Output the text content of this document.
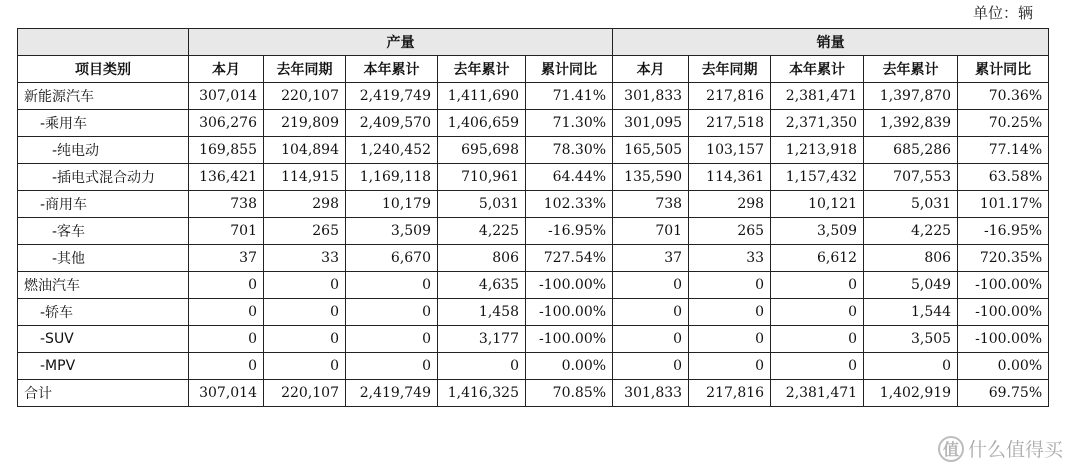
单位：辆
	产量					销量				
项目类别	本月	去年同期	本年累计	去年累计	累计同比	本月	去年同期	本年累计	去年累计	累计同比
新能源汽车	307,014	220,107	2,419,749	1,411,690	71.41%	301,833	217,816	2,381,471	1,397,870	70.36%
-乘用车	306,276	219,809	2,409,570	1,406,659	71.30%	301,095	217,518	2,371,350	1,392,839	70.25%
-纯电动	169,855	104,894	1,240,452	695,698	78.30%	165,505	103,157	1,213,918	685,286	77.14%
-插电式混合动力	136,421	114,915	1,169,118	710,961	64.44%	135,590	114,361	1,157,432	707,553	63.58%
-商用车	738	298	10,179	5,031	102.33%	738	298	10,121	5,031	101.17%
-客车	701	265	3,509	4,225	-16.95%	701	265	3,509	4,225	-16.95%
-其他	37	33	6,670	806	727.54%	37	33	6,612	806	720.35%
燃油汽车	0	0	0	4,635	-100.00%	0	0	0	5,049	-100.00%
-轿车	0	0	0	1,458	-100.00%	0	0	0	1,544	-100.00%
-SUV	0	0	0	3,177	-100.00%	0	0	0	3,505	-100.00%
-MPV	0	0	0	0	0.00%	0	0	0	0	0.00%
合计	307,014	220,107	2,419,749	1,416,325	70.85%	301,833	217,816	2,381,471	1,402,919	69.75%
值 什么值得买
